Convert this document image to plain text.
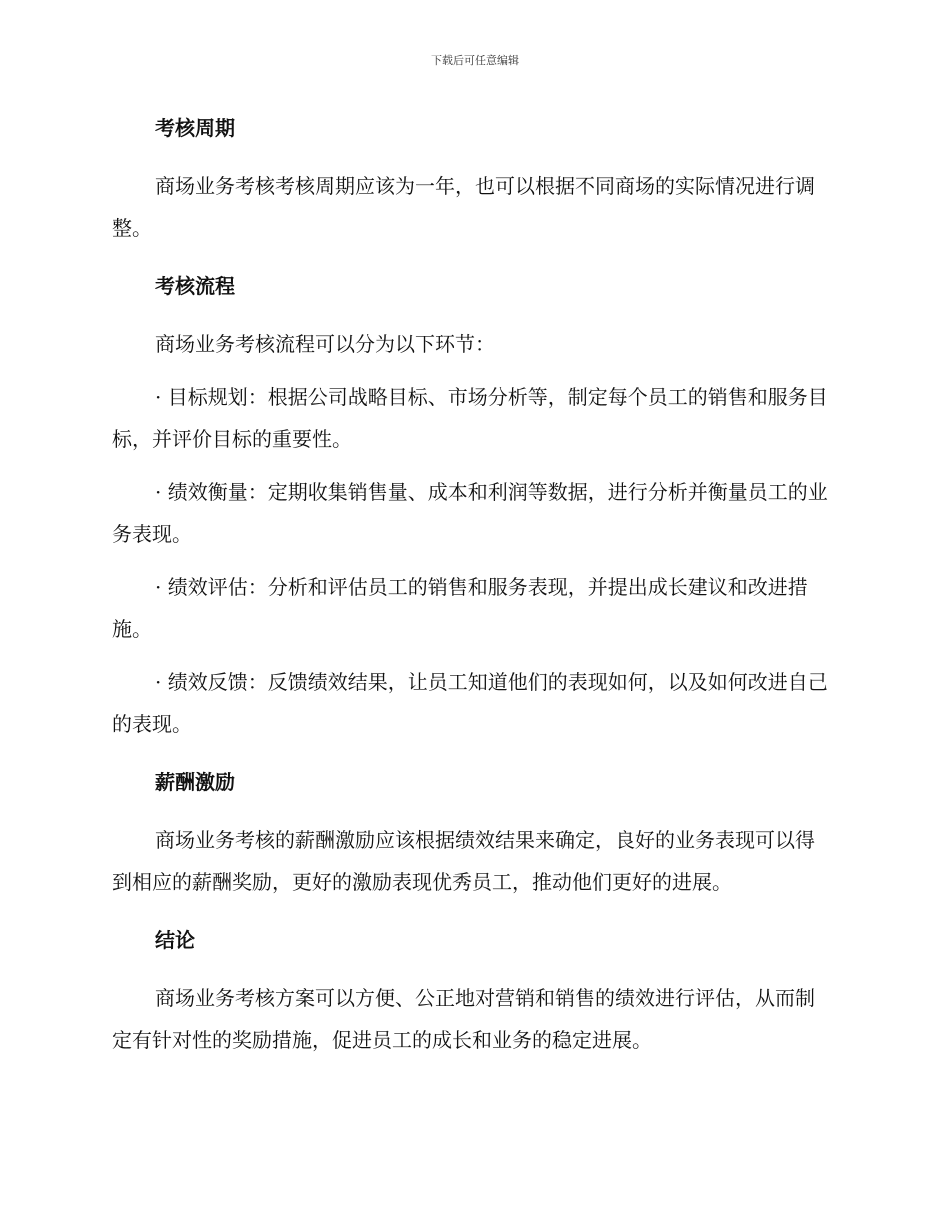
下载后可任意编辑
考核周期

商场业务考核考核周期应该为一年，也可以根据不同商场的实际情况进行调整。

考核流程

商场业务考核流程可以分为以下环节：

· 目标规划：根据公司战略目标、市场分析等，制定每个员工的销售和服务目标，并评价目标的重要性。

· 绩效衡量：定期收集销售量、成本和利润等数据，进行分析并衡量员工的业务表现。

· 绩效评估：分析和评估员工的销售和服务表现，并提出成长建议和改进措施。

· 绩效反馈：反馈绩效结果，让员工知道他们的表现如何，以及如何改进自己的表现。

薪酬激励

商场业务考核的薪酬激励应该根据绩效结果来确定，良好的业务表现可以得到相应的薪酬奖励，更好的激励表现优秀员工，推动他们更好的进展。

结论

商场业务考核方案可以方便、公正地对营销和销售的绩效进行评估，从而制定有针对性的奖励措施，促进员工的成长和业务的稳定进展。
